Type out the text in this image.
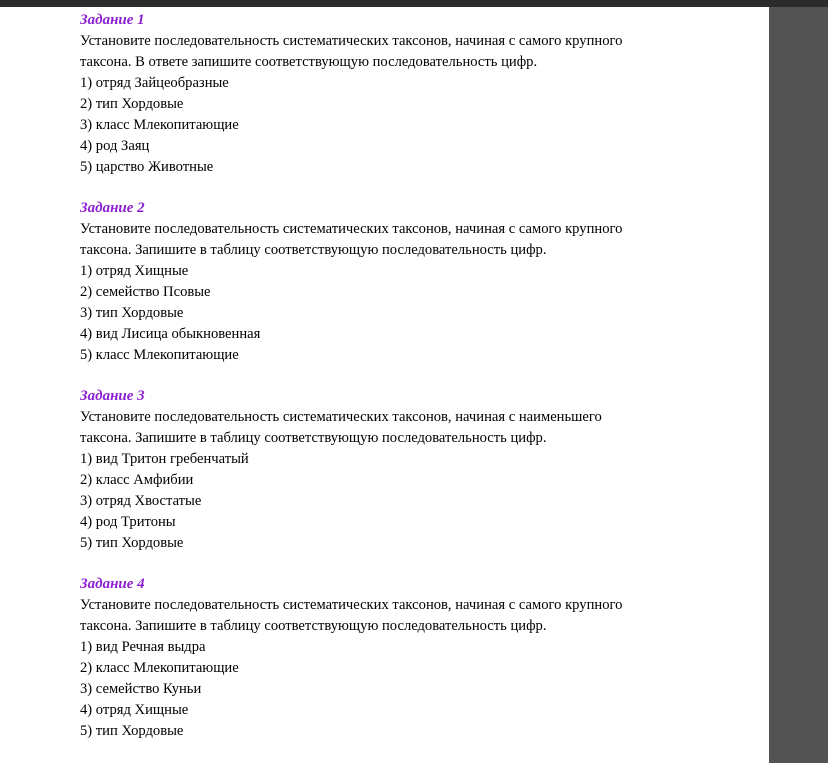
Задание 1
Установите последовательность систематических таксонов, начиная с самого крупного
таксона. В ответе запишите соответствующую последовательность цифр.
1) отряд Зайцеобразные
2) тип Хордовые
3) класс Млекопитающие
4) род Заяц
5) царство Животные
Задание 2
Установите последовательность систематических таксонов, начиная с самого крупного
таксона. Запишите в таблицу соответствующую последовательность цифр.
1) отряд Хищные
2) семейство Псовые
3) тип Хордовые
4) вид Лисица обыкновенная
5) класс Млекопитающие
Задание 3
Установите последовательность систематических таксонов, начиная с наименьшего
таксона. Запишите в таблицу соответствующую последовательность цифр.
1) вид Тритон гребенчатый
2) класс Амфибии
3) отряд Хвостатые
4) род Тритоны
5) тип Хордовые
Задание 4
Установите последовательность систематических таксонов, начиная с самого крупного
таксона. Запишите в таблицу соответствующую последовательность цифр.
1) вид Речная выдра
2) класс Млекопитающие
3) семейство Куньи
4) отряд Хищные
5) тип Хордовые
